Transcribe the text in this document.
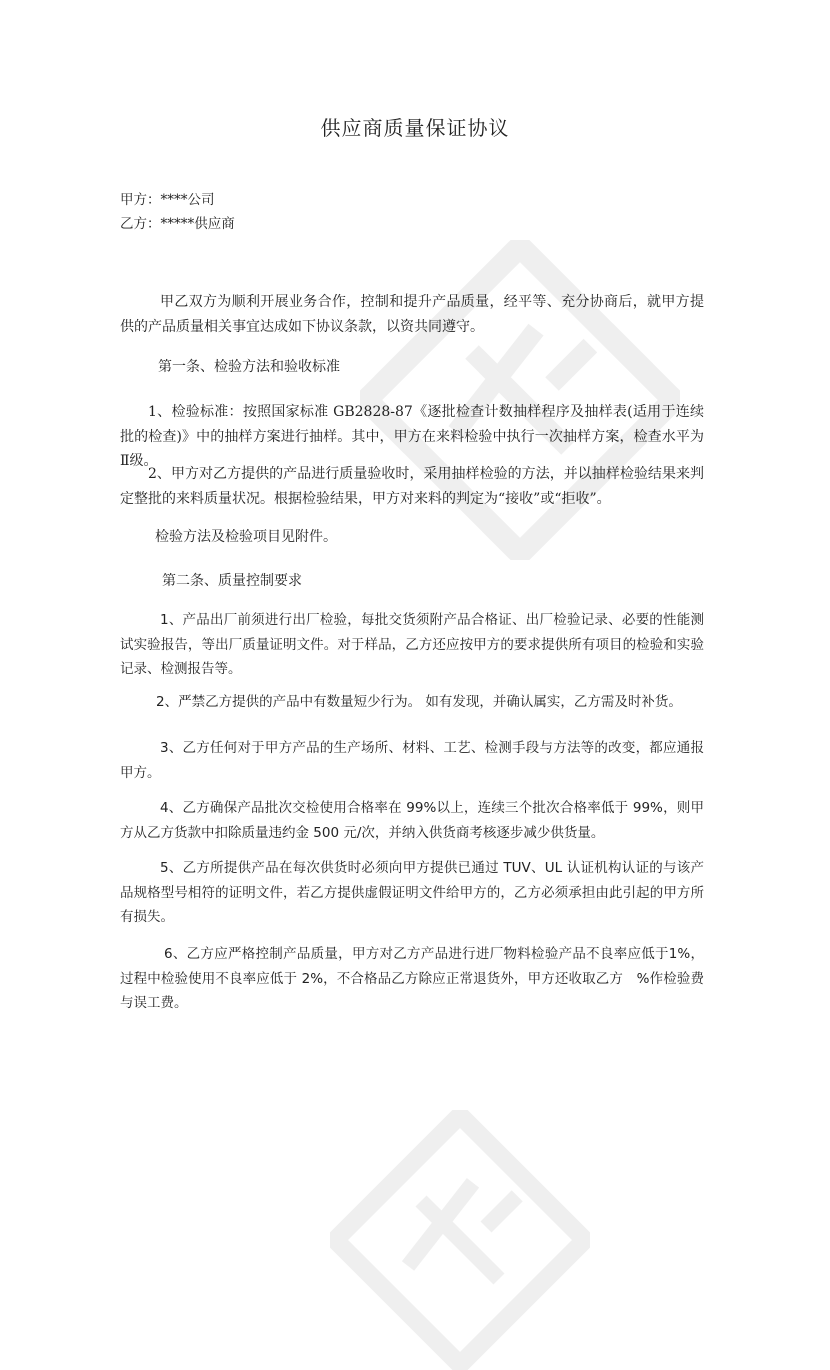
供应商质量保证协议
甲方：****公司
乙方：*****供应商
甲乙双方为顺利开展业务合作，控制和提升产品质量，经平等、充分协商后，就甲方提供的产品质量相关事宜达成如下协议条款，以资共同遵守。
第一条、检验方法和验收标准
1、检验标准：按照国家标准 GB2828-87《逐批检查计数抽样程序及抽样表(适用于连续批的检查)》中的抽样方案进行抽样。其中，甲方在来料检验中执行一次抽样方案，检查水平为Ⅱ级。
2、甲方对乙方提供的产品进行质量验收时，采用抽样检验的方法，并以抽样检验结果来判定整批的来料质量状况。根据检验结果，甲方对来料的判定为“接收”或“拒收”。
检验方法及检验项目见附件。
第二条、质量控制要求
1、产品出厂前须进行出厂检验，每批交货须附产品合格证、出厂检验记录、必要的性能测试实验报告，等出厂质量证明文件。对于样品，乙方还应按甲方的要求提供所有项目的检验和实验记录、检测报告等。
2、严禁乙方提供的产品中有数量短少行为。 如有发现，并确认属实，乙方需及时补货。
3、乙方任何对于甲方产品的生产场所、材料、工艺、检测手段与方法等的改变，都应通报甲方。
4、乙方确保产品批次交检使用合格率在 99%以上，连续三个批次合格率低于 99%，则甲方从乙方货款中扣除质量违约金 500 元/次，并纳入供货商考核逐步减少供货量。
5、乙方所提供产品在每次供货时必须向甲方提供已通过 TUV、UL 认证机构认证的与该产品规格型号相符的证明文件，若乙方提供虚假证明文件给甲方的，乙方必须承担由此引起的甲方所有损失。
6、乙方应严格控制产品质量，甲方对乙方产品进行进厂物料检验产品不良率应低于1%，过程中检验使用不良率应低于 2%，不合格品乙方除应正常退货外，甲方还收取乙方　%作检验费与误工费。
